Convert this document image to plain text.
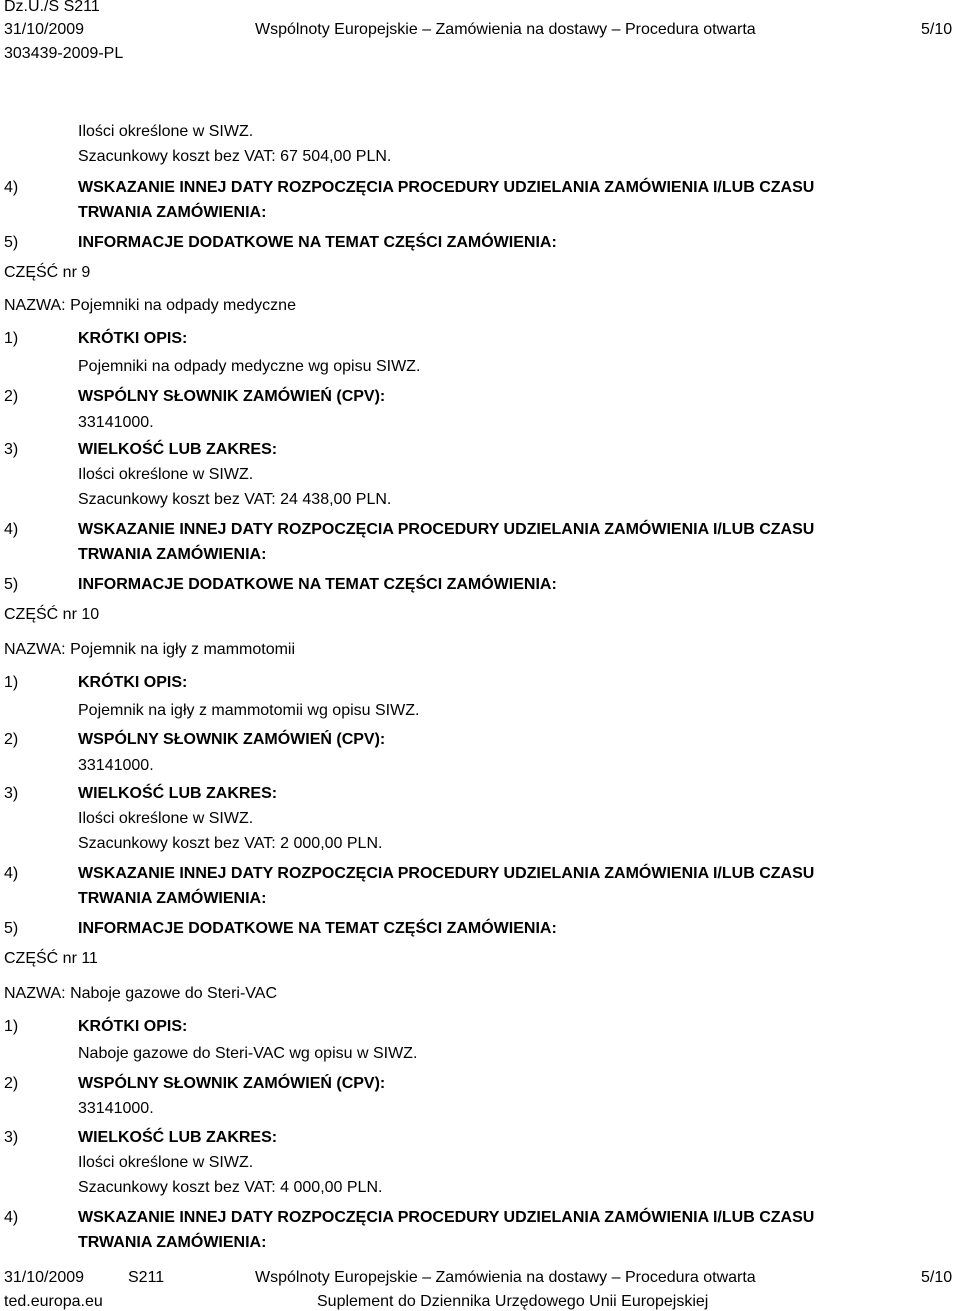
Dz.U./S S211
31/10/2009	Wspólnoty Europejskie – Zamówienia na dostawy – Procedura otwarta	5/10
303439-2009-PL
Ilości określone w SIWZ.
Szacunkowy koszt bez VAT: 67 504,00 PLN.
4)	WSKAZANIE INNEJ DATY ROZPOCZĘCIA PROCEDURY UDZIELANIA ZAMÓWIENIA I/LUB CZASU
TRWANIA ZAMÓWIENIA:
5)	INFORMACJE DODATKOWE NA TEMAT CZĘŚCI ZAMÓWIENIA:
CZĘŚĆ nr 9
NAZWA: Pojemniki na odpady medyczne
1)	KRÓTKI OPIS:
Pojemniki na odpady medyczne wg opisu SIWZ.
2)	WSPÓLNY SŁOWNIK ZAMÓWIEŃ (CPV):
33141000.
3)	WIELKOŚĆ LUB ZAKRES:
Ilości określone w SIWZ.
Szacunkowy koszt bez VAT: 24 438,00 PLN.
4)	WSKAZANIE INNEJ DATY ROZPOCZĘCIA PROCEDURY UDZIELANIA ZAMÓWIENIA I/LUB CZASU
TRWANIA ZAMÓWIENIA:
5)	INFORMACJE DODATKOWE NA TEMAT CZĘŚCI ZAMÓWIENIA:
CZĘŚĆ nr 10
NAZWA: Pojemnik na igły z mammotomii
1)	KRÓTKI OPIS:
Pojemnik na igły z mammotomii wg opisu SIWZ.
2)	WSPÓLNY SŁOWNIK ZAMÓWIEŃ (CPV):
33141000.
3)	WIELKOŚĆ LUB ZAKRES:
Ilości określone w SIWZ.
Szacunkowy koszt bez VAT: 2 000,00 PLN.
4)	WSKAZANIE INNEJ DATY ROZPOCZĘCIA PROCEDURY UDZIELANIA ZAMÓWIENIA I/LUB CZASU
TRWANIA ZAMÓWIENIA:
5)	INFORMACJE DODATKOWE NA TEMAT CZĘŚCI ZAMÓWIENIA:
CZĘŚĆ nr 11
NAZWA: Naboje gazowe do Steri-VAC
1)	KRÓTKI OPIS:
Naboje gazowe do Steri-VAC wg opisu w SIWZ.
2)	WSPÓLNY SŁOWNIK ZAMÓWIEŃ (CPV):
33141000.
3)	WIELKOŚĆ LUB ZAKRES:
Ilości określone w SIWZ.
Szacunkowy koszt bez VAT: 4 000,00 PLN.
4)	WSKAZANIE INNEJ DATY ROZPOCZĘCIA PROCEDURY UDZIELANIA ZAMÓWIENIA I/LUB CZASU
TRWANIA ZAMÓWIENIA:
31/10/2009	S211	Wspólnoty Europejskie – Zamówienia na dostawy – Procedura otwarta	5/10
ted.europa.eu	Suplement do Dziennika Urzędowego Unii Europejskiej
